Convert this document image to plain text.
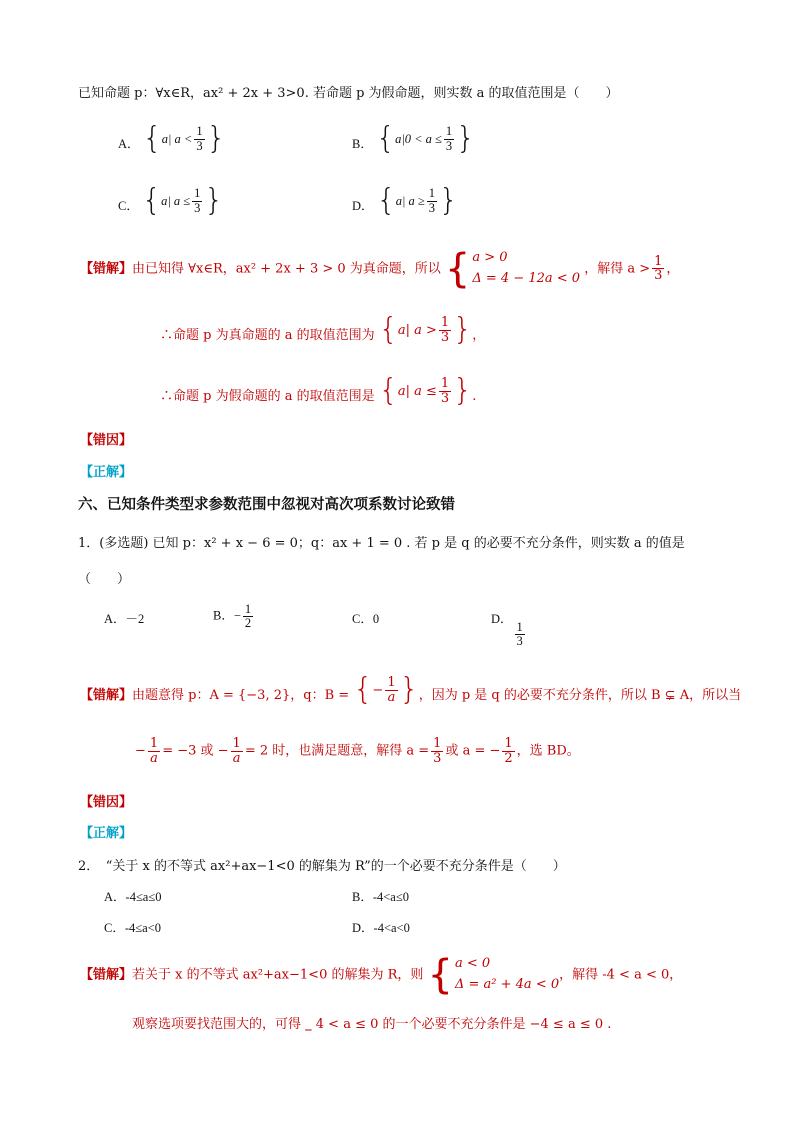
已知命题 p：∀x∈R，ax² + 2x + 3>0. 若命题 p 为假命题，则实数 a 的取值范围是（　　）
A． { a| $a < \frac{1}{3}$ }	B． { $a|0 < a \le \frac{1}{3}$ }
C． { a| $a \le \frac{1}{3}$ }	D． { a| $a \ge \frac{1}{3}$ }
【错解】由已知得 ∀x∈R，ax² + 2x + 3 > 0 为真命题，所以 { a > 0
Δ = 4 − 12a < 0
，解得 $a > \frac{1}{3}$ ，
∴命题 p 为真命题的 a 的取值范围为 { a| $a > \frac{1}{3}$ } ，
∴命题 p 为假命题的 a 的取值范围是 { a| $a \le \frac{1}{3}$ } .
【错因】
【正解】
六、已知条件类型求参数范围中忽视对高次项系数讨论致错
1．(多选题) 已知 p：x² + x − 6 = 0；q：ax + 1 = 0 . 若 p 是 q 的必要不充分条件，则实数 a 的值是
（　　）
A．－2	B．− $\frac{1}{2}$	C．0	D．
$\frac{1}{3}$
【错解】由题意得 p：A = {−3, 2}，q：B = { − $\frac{1}{a}$ } ，因为 p 是 q 的必要不充分条件，所以 B ⊊ A，所以当
− $\frac{1}{a} = -3$ 或 − $\frac{1}{a} = 2$ 时，也满足题意，解得 $a = \frac{1}{3}$ 或 a = − $\frac{1}{2}$ ，选 BD。
【错因】
【正解】
2．　“关于 x 的不等式 ax²+ax−1<0 的解集为 R”的一个必要不充分条件是（　　）
A．-4≤a≤0	B．-4<a≤0
C．-4≤a<0	D．-4<a<0
【错解】若关于 x 的不等式 ax²+ax−1<0 的解集为 R，则 { a < 0
Δ = a² + 4a < 0
，解得 -4 < a < 0，
观察选项要找范围大的，可得 ‗ 4 < a ≤ 0 的一个必要不充分条件是 −4 ≤ a ≤ 0 .
